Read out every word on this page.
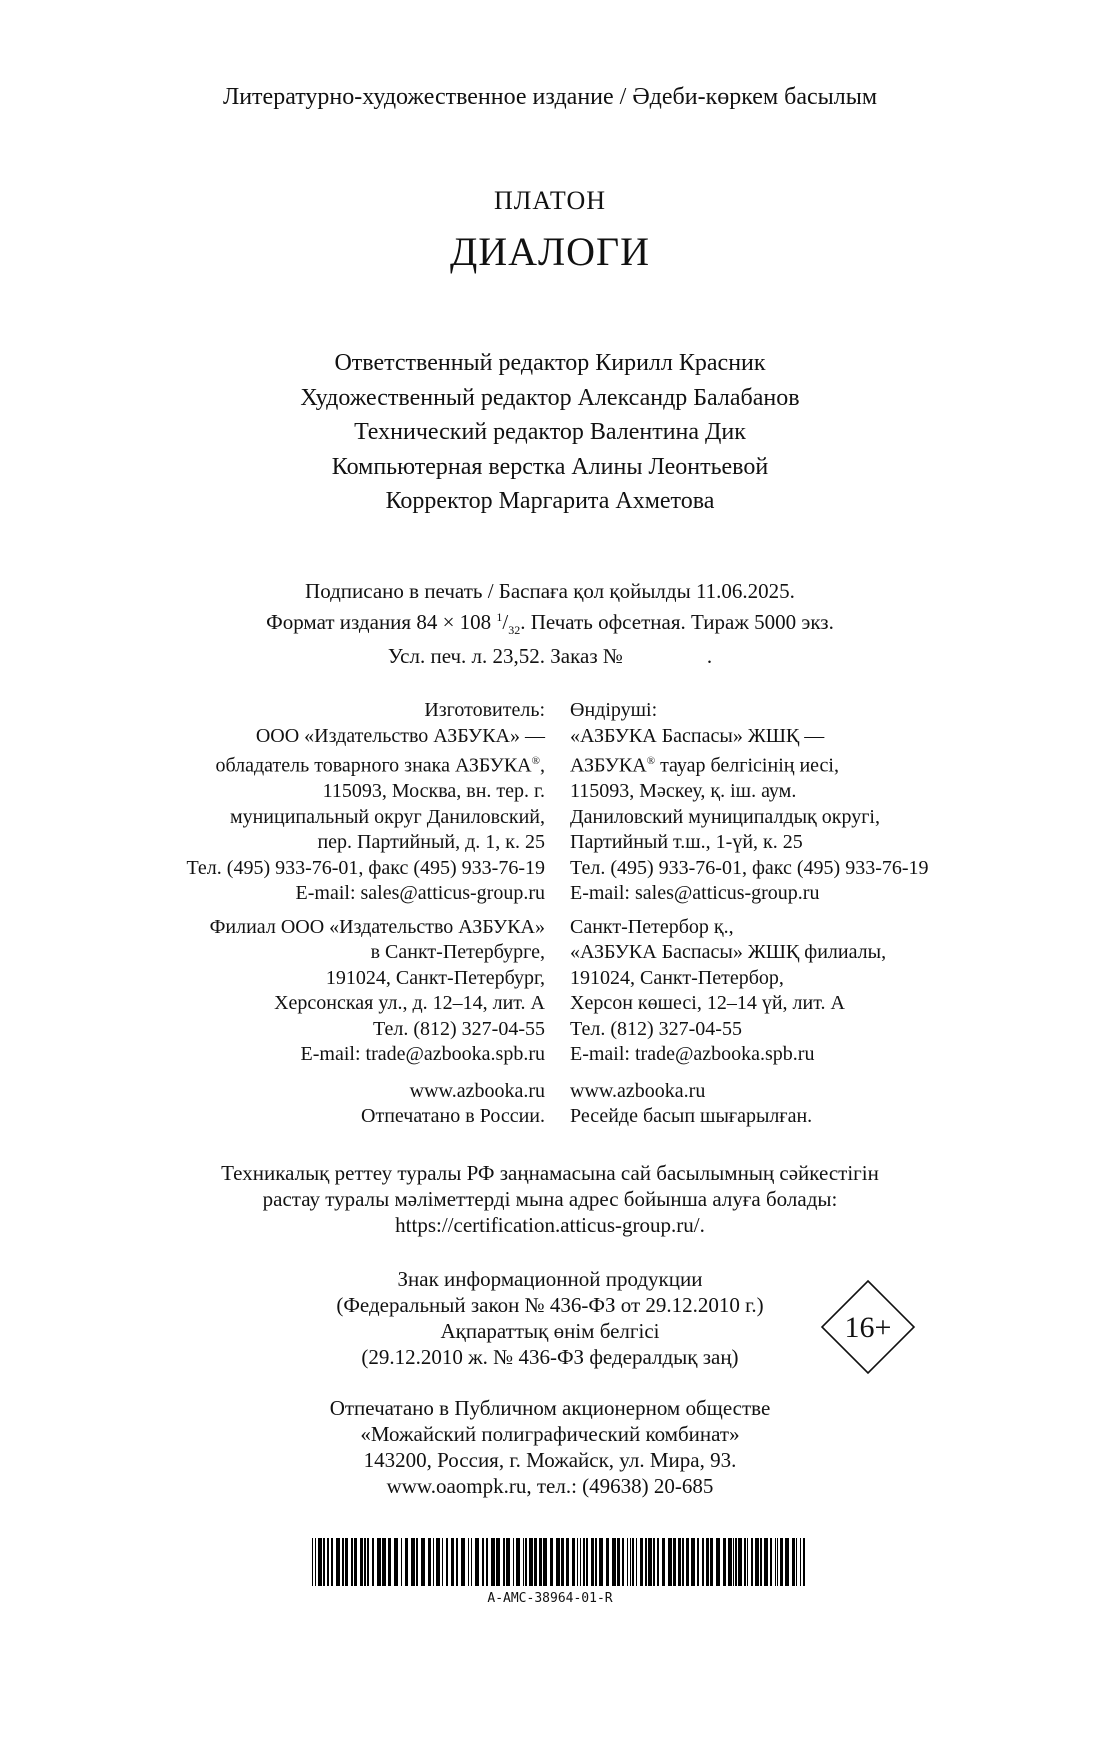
Литературно-художественное издание / Әдеби-көркем басылым
ПЛАТОН
ДИАЛОГИ
Ответственный редактор Кирилл Красник
Художественный редактор Александр Балабанов
Технический редактор Валентина Дик
Компьютерная верстка Алины Леонтьевой
Корректор Маргарита Ахметова
Подписано в печать / Баспаға қол қойылды 11.06.2025.
Формат издания 84 × 108 $^1/_{32}$. Печать офсетная. Тираж 5000 экз.
Усл. печ. л. 23,52. Заказ №	.
Изготовитель:
ООО «Издательство АЗБУКА» —
обладатель товарного знака АЗБУКА®,
115093, Москва, вн. тер. г.
муниципальный округ Даниловский,
пер. Партийный, д. 1, к. 25
Тел. (495) 933-76-01, факс (495) 933-76-19
E-mail: sales@atticus-group.ru
Филиал ООО «Издательство АЗБУКА»
в Санкт-Петербурге,
191024, Санкт-Петербург,
Херсонская ул., д. 12–14, лит. А
Тел. (812) 327-04-55
E-mail: trade@azbooka.spb.ru
www.azbooka.ru
Отпечатано в России.
Өндіруші:
«АЗБУКА Баспасы» ЖШҚ —
АЗБУКА® тауар белгісінің иесі,
115093, Мәскеу, қ. іш. аум.
Даниловский муниципалдық округі,
Партийный т.ш., 1-үй, к. 25
Тел. (495) 933-76-01, факс (495) 933-76-19
E-mail: sales@atticus-group.ru
Санкт-Петербор қ.,
«АЗБУКА Баспасы» ЖШҚ филиалы,
191024, Санкт-Петербор,
Херсон көшесі, 12–14 үй, лит. А
Тел. (812) 327-04-55
E-mail: trade@azbooka.spb.ru
www.azbooka.ru
Ресейде басып шығарылған.
Техникалық реттеу туралы РФ заңнамасына сай басылымның сәйкестігін
растау туралы мәліметтерді мына адрес бойынша алуға болады:
https://certification.atticus-group.ru/.
Знак информационной продукции
(Федеральный закон № 436-ФЗ от 29.12.2010 г.)
Ақпараттық өнім белгісі
(29.12.2010 ж. № 436-ФЗ федералдық заң)
16+
Отпечатано в Публичном акционерном обществе
«Можайский полиграфический комбинат»
143200, Россия, г. Можайск, ул. Мира, 93.
www.oaompk.ru, тел.: (49638) 20-685
A-AMC-38964-01-R
